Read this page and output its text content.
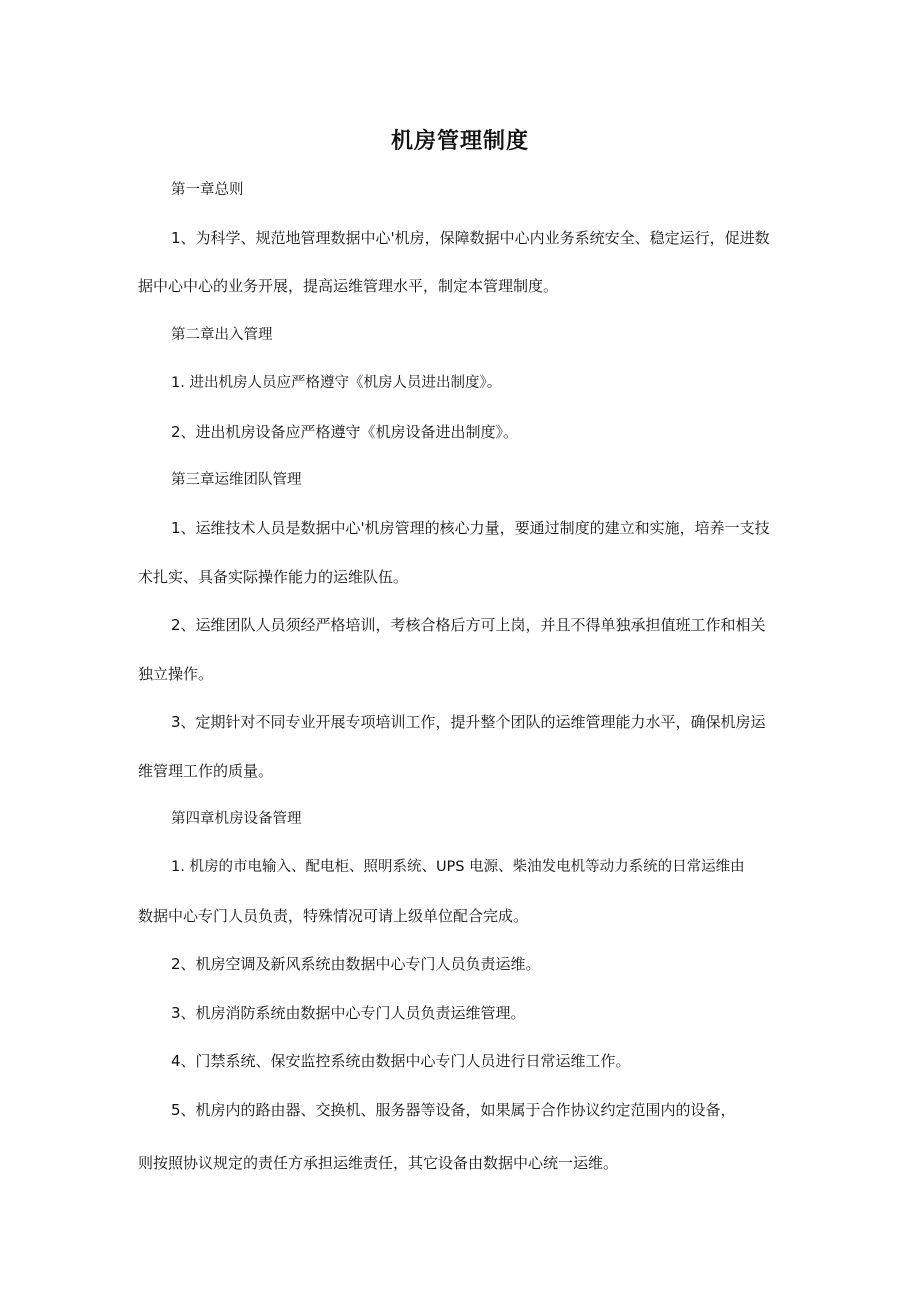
机房管理制度
第一章总则
1、为科学、规范地管理数据中心'机房，保障数据中心内业务系统安全、稳定运行，促进数
据中心中心的业务开展，提高运维管理水平，制定本管理制度。
第二章出入管理
1. 进出机房人员应严格遵守《机房人员进出制度》。
2、进出机房设备应严格遵守《机房设备进出制度》。
第三章运维团队管理
1、运维技术人员是数据中心'机房管理的核心力量，要通过制度的建立和实施，培养一支技
术扎实、具备实际操作能力的运维队伍。
2、运维团队人员须经严格培训，考核合格后方可上岗，并且不得单独承担值班工作和相关
独立操作。
3、定期针对不同专业开展专项培训工作，提升整个团队的运维管理能力水平，确保机房运
维管理工作的质量。
第四章机房设备管理
1. 机房的市电输入、配电柜、照明系统、UPS 电源、柴油发电机等动力系统的日常运维由
数据中心专门人员负责，特殊情况可请上级单位配合完成。
2、机房空调及新风系统由数据中心专门人员负责运维。
3、机房消防系统由数据中心专门人员负责运维管理。
4、门禁系统、保安监控系统由数据中心专门人员进行日常运维工作。
5、机房内的路由器、交换机、服务器等设备，如果属于合作协议约定范围内的设备，
则按照协议规定的责任方承担运维责任，其它设备由数据中心统一运维。
